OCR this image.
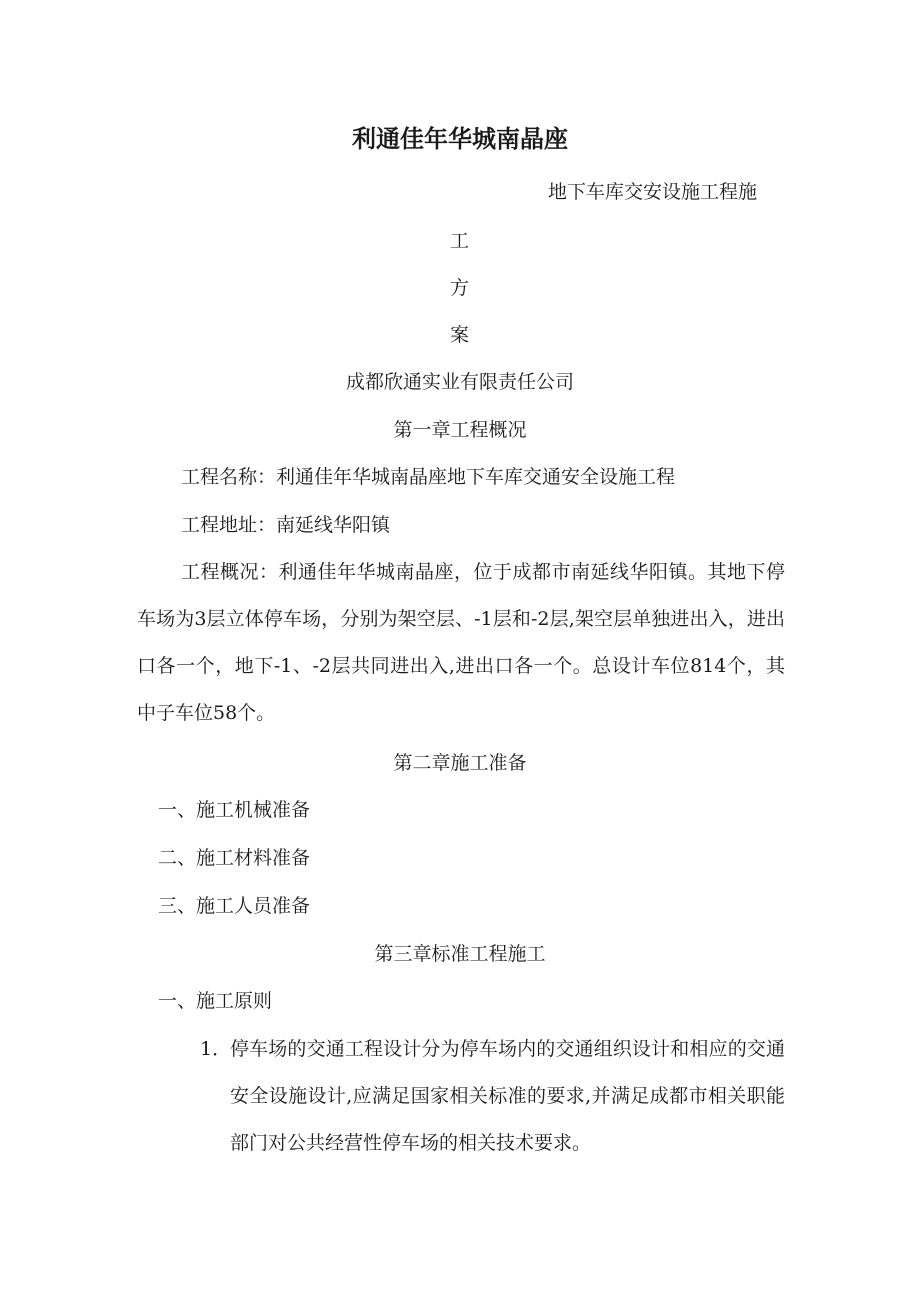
利通佳年华城南晶座
地下车库交安设施工程施
工
方
案
成都欣通实业有限责任公司
第一章工程概况
工程名称：利通佳年华城南晶座地下车库交通安全设施工程
工程地址：南延线华阳镇
工程概况：利通佳年华城南晶座，位于成都市南延线华阳镇。其地下停车场为3层立体停车场，分别为架空层、-1层和-2层,架空层单独进出入，进出口各一个，地下-1、-2层共同进出入,进出口各一个。总设计车位814个，其中子车位58个。
第二章施工准备
一、施工机械准备
二、施工材料准备
三、施工人员准备
第三章标准工程施工
一、施工原则
1．
停车场的交通工程设计分为停车场内的交通组织设计和相应的交通安全设施设计,应满足国家相关标准的要求,并满足成都市相关职能部门对公共经营性停车场的相关技术要求。
